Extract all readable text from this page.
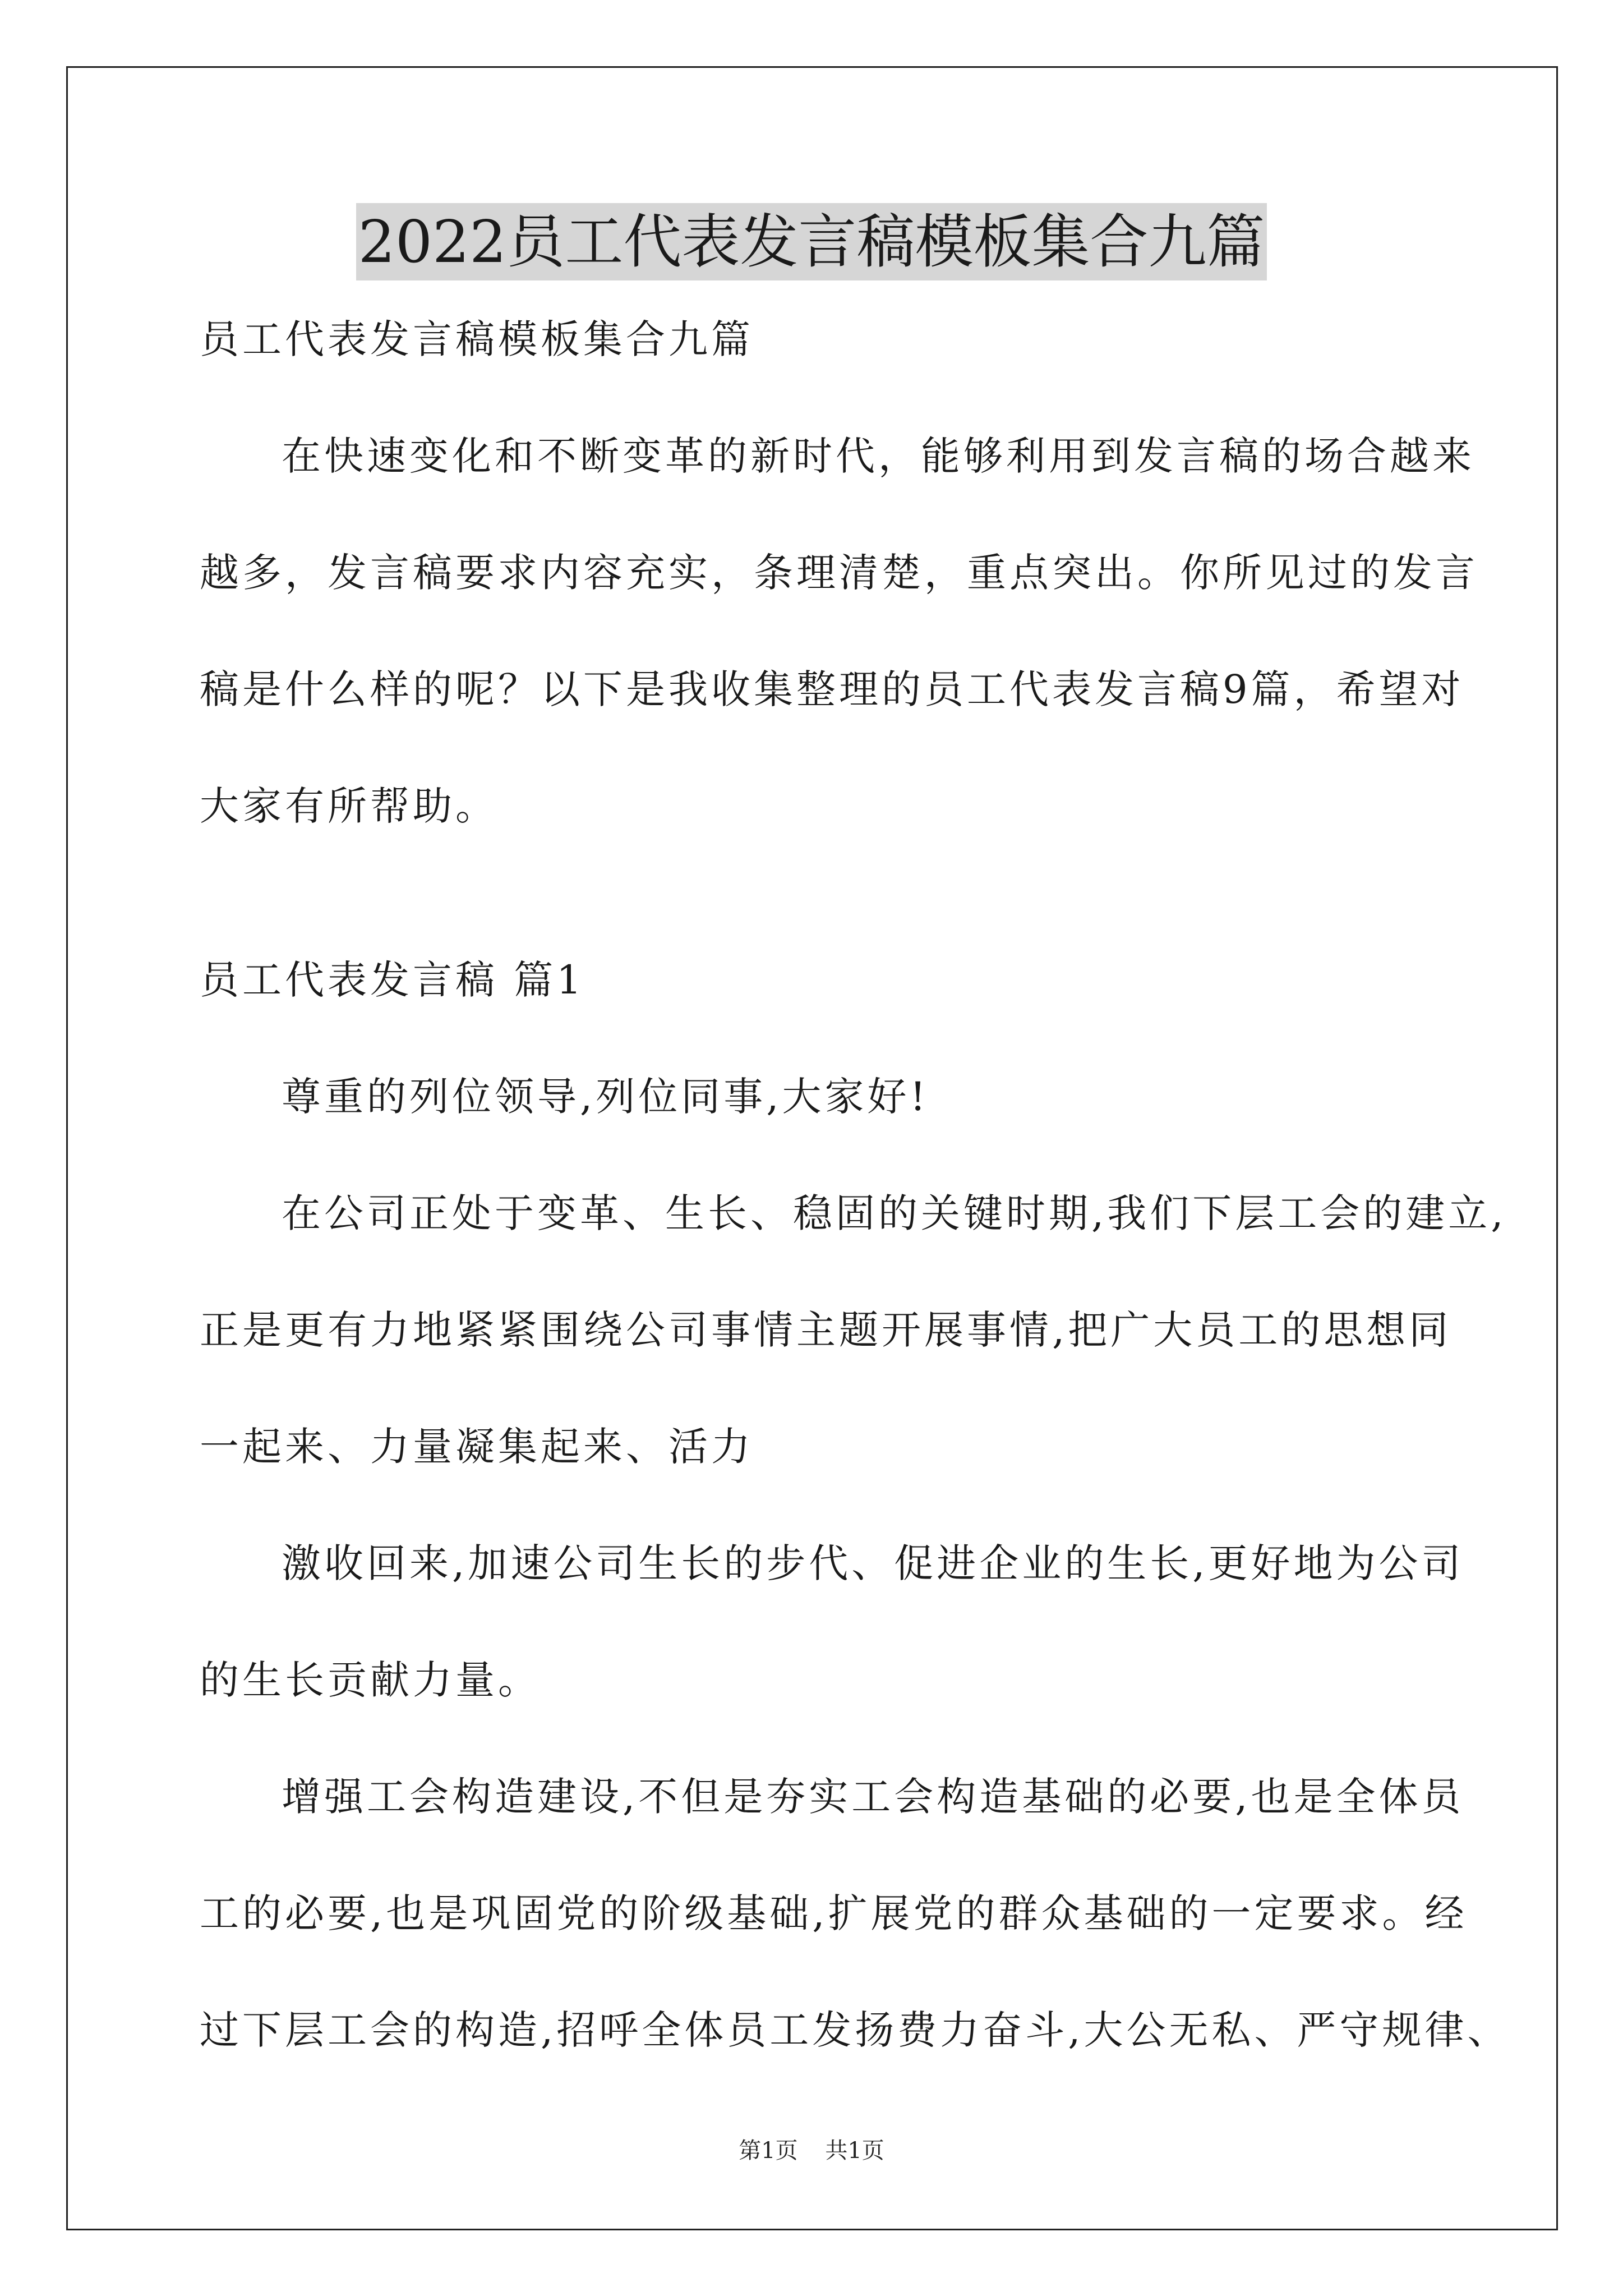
2022员工代表发言稿模板集合九篇
员工代表发言稿模板集合九篇
在快速变化和不断变革的新时代，能够利用到发言稿的场合越来
越多，发言稿要求内容充实，条理清楚，重点突出。你所见过的发言
稿是什么样的呢？以下是我收集整理的员工代表发言稿9篇，希望对
大家有所帮助。
员工代表发言稿 篇1
尊重的列位领导,列位同事,大家好!
在公司正处于变革、生长、稳固的关键时期,我们下层工会的建立,
正是更有力地紧紧围绕公司事情主题开展事情,把广大员工的思想同
一起来、力量凝集起来、活力
激收回来,加速公司生长的步代、促进企业的生长,更好地为公司
的生长贡献力量。
增强工会构造建设,不但是夯实工会构造基础的必要,也是全体员
工的必要,也是巩固党的阶级基础,扩展党的群众基础的一定要求。经
过下层工会的构造,招呼全体员工发扬费力奋斗,大公无私、严守规律、
第1页 共1页
